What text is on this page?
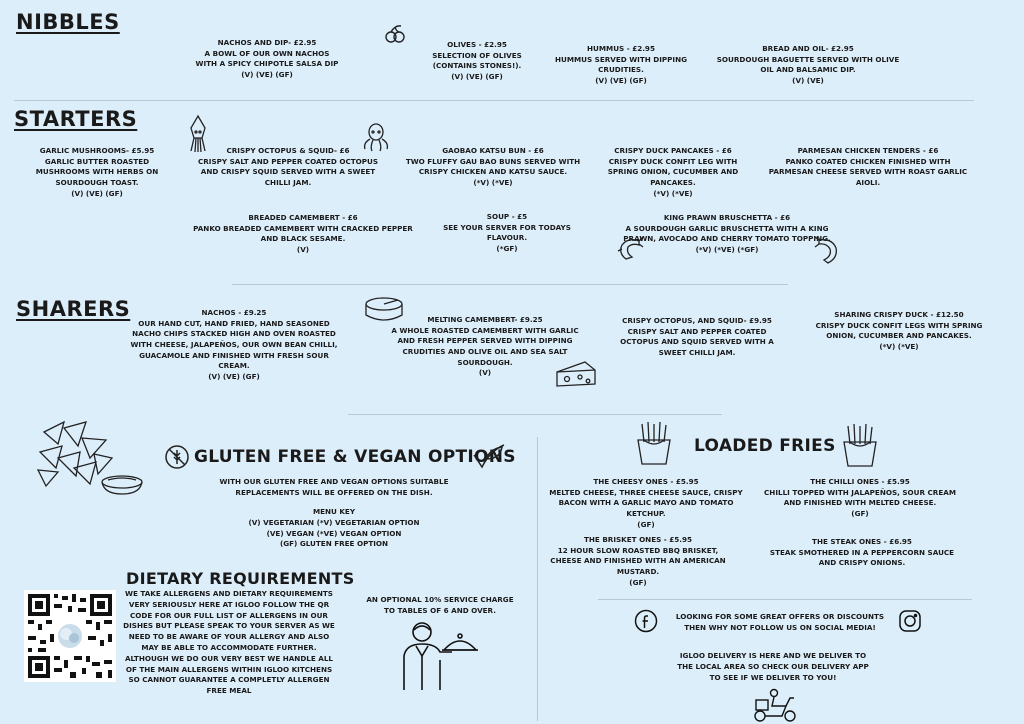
NIBBLES
STARTERS
SHARERS
NACHOS AND DIP- £2.95
A BOWL OF OUR OWN NACHOS WITH A SPICY CHIPOTLE SALSA DIP
(V) (VE) (GF)
OLIVES - £2.95
SELECTION OF OLIVES (CONTAINS STONES!).
(V) (VE) (GF)
HUMMUS - £2.95
HUMMUS SERVED WITH DIPPING CRUDITIES.
(V) (VE) (GF)
BREAD AND OIL- £2.95
SOURDOUGH BAGUETTE SERVED WITH OLIVE OIL AND BALSAMIC DIP.
(V) (VE)
GARLIC MUSHROOMS- £5.95
GARLIC BUTTER ROASTED MUSHROOMS WITH HERBS ON SOURDOUGH TOAST.
(V) (VE) (GF)
CRISPY OCTOPUS & SQUID- £6
CRISPY SALT AND PEPPER COATED OCTOPUS AND CRISPY SQUID SERVED WITH A SWEET CHILLI JAM.
GAOBAO KATSU BUN - £6
TWO FLUFFY GAU BAO BUNS SERVED WITH CRISPY CHICKEN AND KATSU SAUCE.
(*V) (*VE)
CRISPY DUCK PANCAKES - £6
CRISPY DUCK CONFIT LEG WITH SPRING ONION, CUCUMBER AND PANCAKES.
(*V) (*VE)
PARMESAN CHICKEN TENDERS - £6
PANKO COATED CHICKEN FINISHED WITH PARMESAN CHEESE SERVED WITH ROAST GARLIC AIOLI.
BREADED CAMEMBERT - £6
PANKO BREADED CAMEMBERT WITH CRACKED PEPPER AND BLACK SESAME.
(V)
SOUP - £5
SEE YOUR SERVER FOR TODAYS FLAVOUR.
(*GF)
KING PRAWN BRUSCHETTA - £6
A SOURDOUGH GARLIC BRUSCHETTA WITH A KING PRAWN, AVOCADO AND CHERRY TOMATO TOPPING.
(*V) (*VE) (*GF)
NACHOS - £9.25
OUR HAND CUT, HAND FRIED, HAND SEASONED NACHO CHIPS STACKED HIGH AND OVEN ROASTED WITH CHEESE, JALAPEÑOS, OUR OWN BEAN CHILLI, GUACAMOLE AND FINISHED WITH FRESH SOUR CREAM.
(V) (VE) (GF)
MELTING CAMEMBERT- £9.25
A WHOLE ROASTED CAMEMBERT WITH GARLIC AND FRESH PEPPER SERVED WITH DIPPING CRUDITIES AND OLIVE OIL AND SEA SALT SOURDOUGH.
(V)
CRISPY OCTOPUS, AND SQUID- £9.95
CRISPY SALT AND PEPPER COATED OCTOPUS AND SQUID SERVED WITH A SWEET CHILLI JAM.
SHARING CRISPY DUCK - £12.50
CRISPY DUCK CONFIT LEGS WITH SPRING ONION, CUCUMBER AND PANCAKES.
(*V) (*VE)
GLUTEN FREE & VEGAN OPTIONS
WITH OUR GLUTEN FREE AND VEGAN OPTIONS SUITABLE REPLACEMENTS WILL BE OFFERED ON THE DISH.
MENU KEY
(V) VEGETARIAN (*V) VEGETARIAN OPTION
(VE) VEGAN (*VE) VEGAN OPTION
(GF) GLUTEN FREE OPTION
LOADED FRIES
THE CHEESY ONES - £5.95
MELTED CHEESE, THREE CHEESE SAUCE, CRISPY BACON WITH A GARLIC MAYO AND TOMATO KETCHUP.
(GF)
THE CHILLI ONES - £5.95
CHILLI TOPPED WITH JALAPEÑOS, SOUR CREAM AND FINISHED WITH MELTED CHEESE.
(GF)
THE BRISKET ONES - £5.95
12 HOUR SLOW ROASTED BBQ BRISKET, CHEESE AND FINISHED WITH AN AMERICAN MUSTARD.
(GF)
THE STEAK ONES - £6.95
STEAK SMOTHERED IN A PEPPERCORN SAUCE AND CRISPY ONIONS.
DIETARY REQUIREMENTS
WE TAKE ALLERGENS AND DIETARY REQUIREMENTS VERY SERIOUSLY HERE AT IGLOO FOLLOW THE QR CODE FOR OUR FULL LIST OF ALLERGENS IN OUR DISHES BUT PLEASE SPEAK TO YOUR SERVER AS WE NEED TO BE AWARE OF YOUR ALLERGY AND ALSO MAY BE ABLE TO ACCOMMODATE FURTHER.
ALTHOUGH WE DO OUR VERY BEST WE HANDLE ALL OF THE MAIN ALLERGENS WITHIN IGLOO KITCHENS SO CANNOT GUARANTEE A COMPLETLY ALLERGEN FREE MEAL
AN OPTIONAL 10% SERVICE CHARGE TO TABLES OF 6 AND OVER.
LOOKING FOR SOME GREAT OFFERS OR DISCOUNTS THEN WHY NOT FOLLOW US ON SOCIAL MEDIA!
IGLOO DELIVERY IS HERE AND WE DELIVER TO THE LOCAL AREA SO CHECK OUR DELIVERY APP TO SEE IF WE DELIVER TO YOU!
